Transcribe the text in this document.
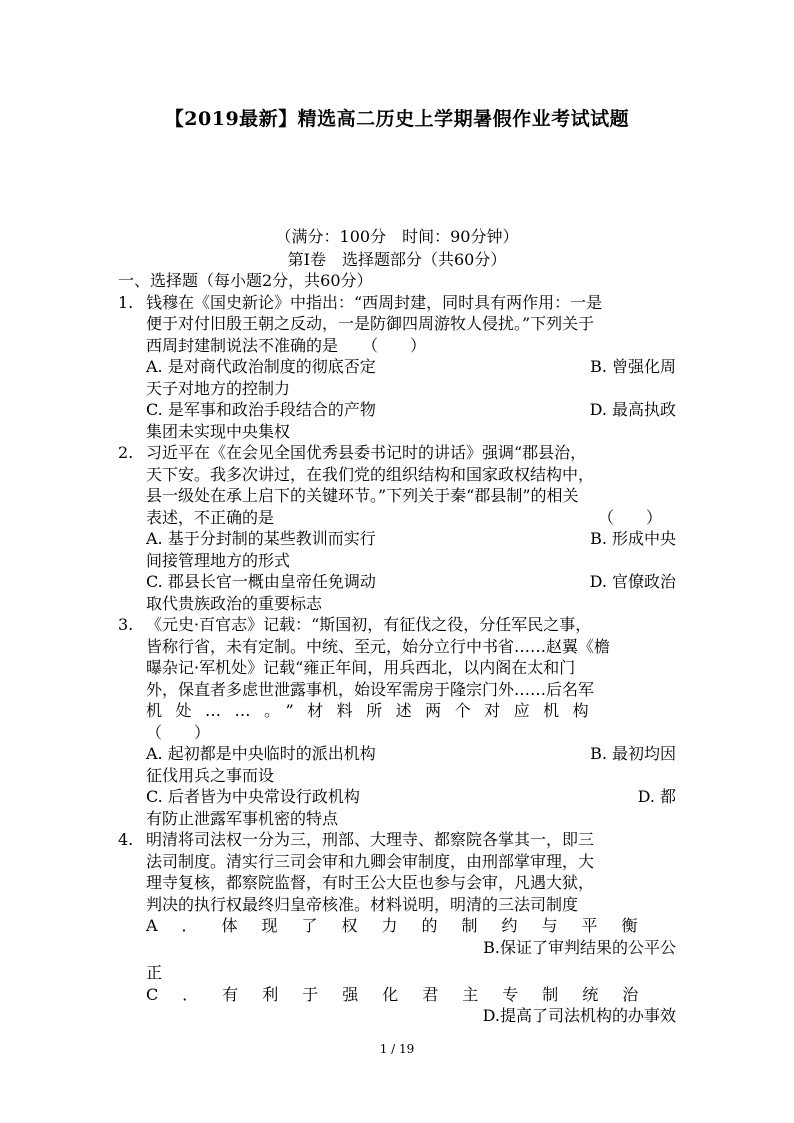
【2019最新】精选高二历史上学期暑假作业考试试题
（满分：100分　时间：90分钟）
第Ⅰ卷　选择题部分（共60分）
一、选择题（每小题2分，共60分）
1. 钱穆在《国史新论》中指出：“西周封建，同时具有两作用：一是
便于对付旧殷王朝之反动，一是防御四周游牧人侵扰。”下列关于
西周封建制说法不准确的是　　（　　）
A. 是对商代政治制度的彻底否定	B. 曾强化周
天子对地方的控制力
C. 是军事和政治手段结合的产物	D. 最高执政
集团未实现中央集权
2. 习近平在《在会见全国优秀县委书记时的讲话》强调“郡县治，
天下安。我多次讲过，在我们党的组织结构和国家政权结构中，
县一级处在承上启下的关键环节。”下列关于秦“郡县制”的相关
表述，不正确的是	（　　）
A. 基于分封制的某些教训而实行	B. 形成中央
间接管理地方的形式
C. 郡县长官一概由皇帝任免调动	D. 官僚政治
取代贵族政治的重要标志
3. 《元史·百官志》记载：“斯国初，有征伐之役，分任军民之事，
皆称行省，未有定制。中统、至元，始分立行中书省……赵翼《檐
曝杂记·军机处》记载“雍正年间，用兵西北，以内阁在太和门
外，保直者多虑世泄露事机，始设军需房于隆宗门外……后名军
机处……。”材料所述两个对应机构
（　　）
A. 起初都是中央临时的派出机构	B. 最初均因
征伐用兵之事而设
C. 后者皆为中央常设行政机构	D. 都
有防止泄露军事机密的特点
4. 明清将司法权一分为三，刑部、大理寺、都察院各掌其一，即三
法司制度。清实行三司会审和九卿会审制度，由刑部掌审理，大
理寺复核，都察院监督，有时王公大臣也参与会审，凡遇大狱，
判决的执行权最终归皇帝核准。材料说明，明清的三法司制度
A．体现了权力的制约与平衡
B.保证了审判结果的公平公
正
C．有利于强化君主专制统治
D.提高了司法机构的办事效
1 / 19
